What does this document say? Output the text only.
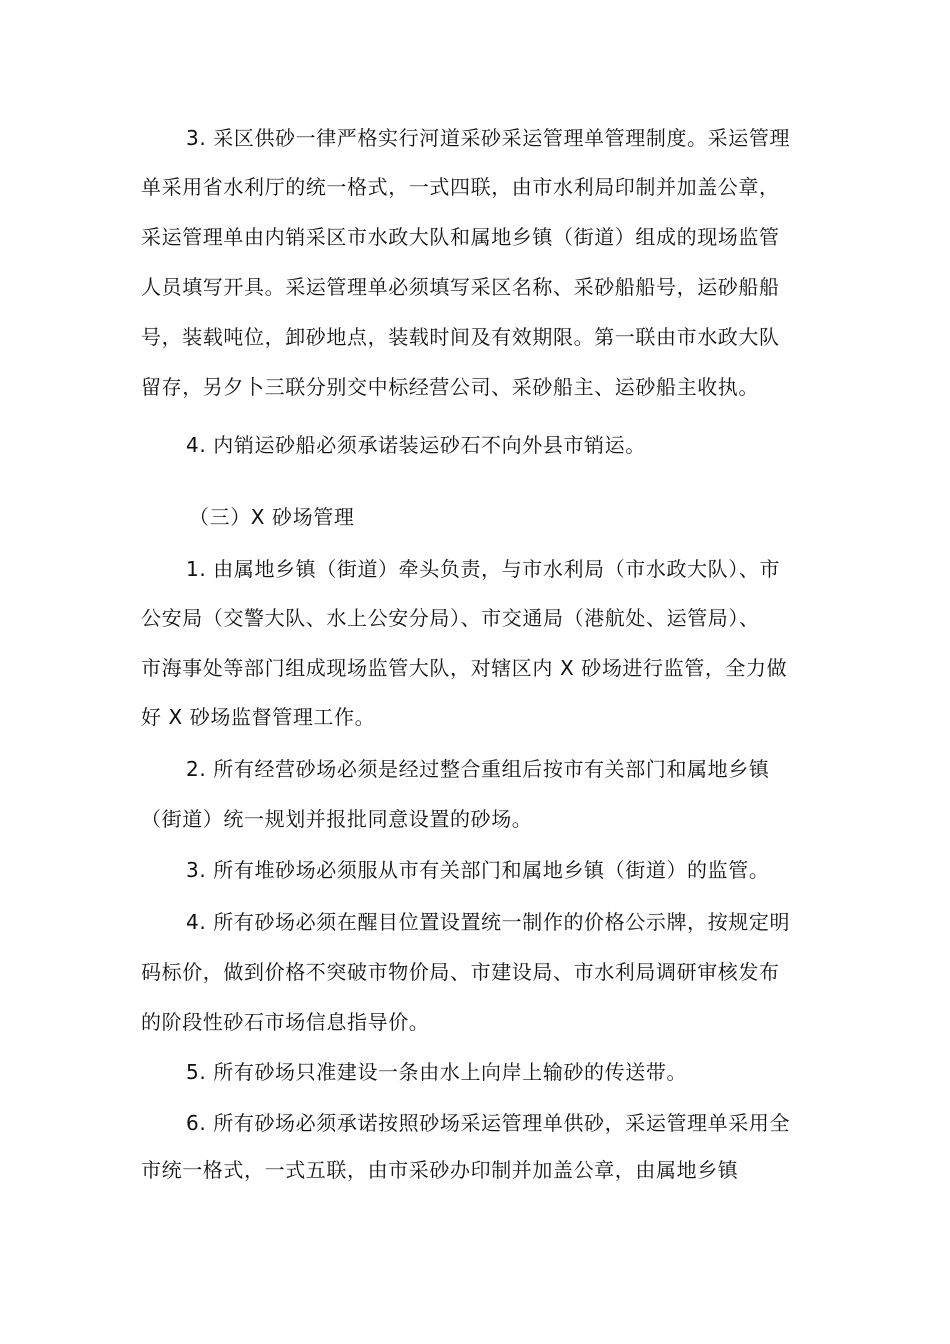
3. 采区供砂一律严格实行河道采砂采运管理单管理制度。采运管理
单采用省水利厅的统一格式，一式四联，由市水利局印制并加盖公章，
采运管理单由内销采区市水政大队和属地乡镇（街道）组成的现场监管
人员填写开具。采运管理单必须填写采区名称、采砂船船号，运砂船船
号，装载吨位，卸砂地点，装载时间及有效期限。第一联由市水政大队
留存，另夕卜三联分别交中标经营公司、采砂船主、运砂船主收执。
4. 内销运砂船必须承诺装运砂石不向外县市销运。
（三）X 砂场管理
1. 由属地乡镇（街道）牵头负责，与市水利局（市水政大队）、市
公安局（交警大队、水上公安分局）、市交通局（港航处、运管局）、
市海事处等部门组成现场监管大队，对辖区内 X 砂场进行监管，全力做
好 X 砂场监督管理工作。
2. 所有经营砂场必须是经过整合重组后按市有关部门和属地乡镇
（街道）统一规划并报批同意设置的砂场。
3. 所有堆砂场必须服从市有关部门和属地乡镇（街道）的监管。
4. 所有砂场必须在醒目位置设置统一制作的价格公示牌，按规定明
码标价，做到价格不突破市物价局、市建设局、市水利局调研审核发布
的阶段性砂石市场信息指导价。
5. 所有砂场只准建设一条由水上向岸上输砂的传送带。
6. 所有砂场必须承诺按照砂场采运管理单供砂，采运管理单采用全
市统一格式，一式五联，由市采砂办印制并加盖公章，由属地乡镇
